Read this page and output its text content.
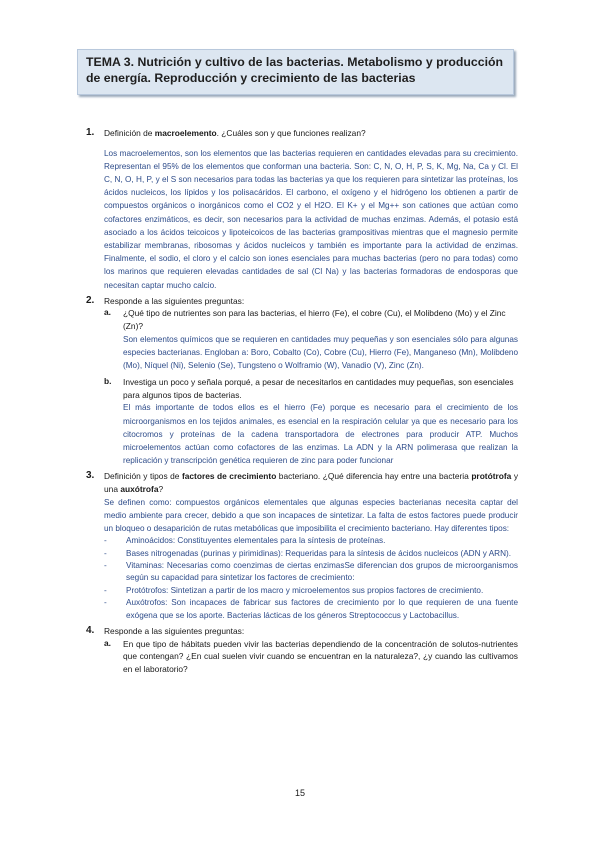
TEMA 3. Nutrición y cultivo de las bacterias. Metabolismo y producción de energía. Reproducción y crecimiento de las bacterias
1. Definición de macroelemento. ¿Cuáles son y que funciones realizan?
Los macroelementos, son los elementos que las bacterias requieren en cantidades elevadas para su crecimiento. Representan el 95% de los elementos que conforman una bacteria. Son: C, N, O, H, P, S, K, Mg, Na, Ca y Cl. El C, N, O, H, P, y el S son necesarios para todas las bacterias ya que los requieren para sintetizar las proteínas, los ácidos nucleicos, los lípidos y los polisacáridos. El carbono, el oxígeno y el hidrógeno los obtienen a partir de compuestos orgánicos o inorgánicos como el CO2 y el H2O. El K+ y el Mg++ son cationes que actúan como cofactores enzimáticos, es decir, son necesarios para la actividad de muchas enzimas. Además, el potasio está asociado a los ácidos teicoicos y lipoteicoicos de las bacterias grampositivas mientras que el magnesio permite estabilizar membranas, ribosomas y ácidos nucleicos y también es importante para la actividad de enzimas. Finalmente, el sodio, el cloro y el calcio son iones esenciales para muchas bacterias (pero no para todas) como los marinos que requieren elevadas cantidades de sal (Cl Na) y las bacterias formadoras de endosporas que necesitan captar mucho calcio.
2. Responde a las siguientes preguntas:
a. ¿Qué tipo de nutrientes son para las bacterias, el hierro (Fe), el cobre (Cu), el Molibdeno (Mo) y el Zinc (Zn)?
Son elementos químicos que se requieren en cantidades muy pequeñas y son esenciales sólo para algunas especies bacterianas. Engloban a: Boro, Cobalto (Co), Cobre (Cu), Hierro (Fe), Manganeso (Mn), Molibdeno (Mo), Níquel (Ni), Selenio (Se), Tungsteno o Wolframio (W), Vanadio (V), Zinc (Zn).
b. Investiga un poco y señala porqué, a pesar de necesitarlos en cantidades muy pequeñas, son esenciales para algunos tipos de bacterias.
El más importante de todos ellos es el hierro (Fe) porque es necesario para el crecimiento de los microorganismos en los tejidos animales, es esencial en la respiración celular ya que es necesario para los citocromos y proteínas de la cadena transportadora de electrones para producir ATP. Muchos microelementos actúan como cofactores de las enzimas. La ADN y la ARN polimerasa que realizan la replicación y transcripción genética requieren de zinc para poder funcionar
3. Definición y tipos de factores de crecimiento bacteriano. ¿Qué diferencia hay entre una bacteria protótrofa y una auxótrofa?
Se definen como: compuestos orgánicos elementales que algunas especies bacterianas necesita captar del medio ambiente para crecer, debido a que son incapaces de sintetizar. La falta de estos factores puede producir un bloqueo o desaparición de rutas metabólicas que imposibilita el crecimiento bacteriano. Hay diferentes tipos:
- Aminoácidos: Constituyentes elementales para la síntesis de proteínas.
- Bases nitrogenadas (purinas y pirimidinas): Requeridas para la síntesis de ácidos nucleicos (ADN y ARN).
- Vitaminas: Necesarias como coenzimas de ciertas enzimasSe diferencian dos grupos de microorganismos según su capacidad para sintetizar los factores de crecimiento:
- Protótrofos: Sintetizan a partir de los macro y microelementos sus propios factores de crecimiento.
- Auxótrofos: Son incapaces de fabricar sus factores de crecimiento por lo que requieren de una fuente exógena que se los aporte. Bacterias lácticas de los géneros Streptococcus y Lactobacillus.
4. Responde a las siguientes preguntas:
a. En que tipo de hábitats pueden vivir las bacterias dependiendo de la concentración de solutos-nutrientes que contengan? ¿En cual suelen vivir cuando se encuentran en la naturaleza?, ¿y cuando las cultivamos en el laboratorio?
15
